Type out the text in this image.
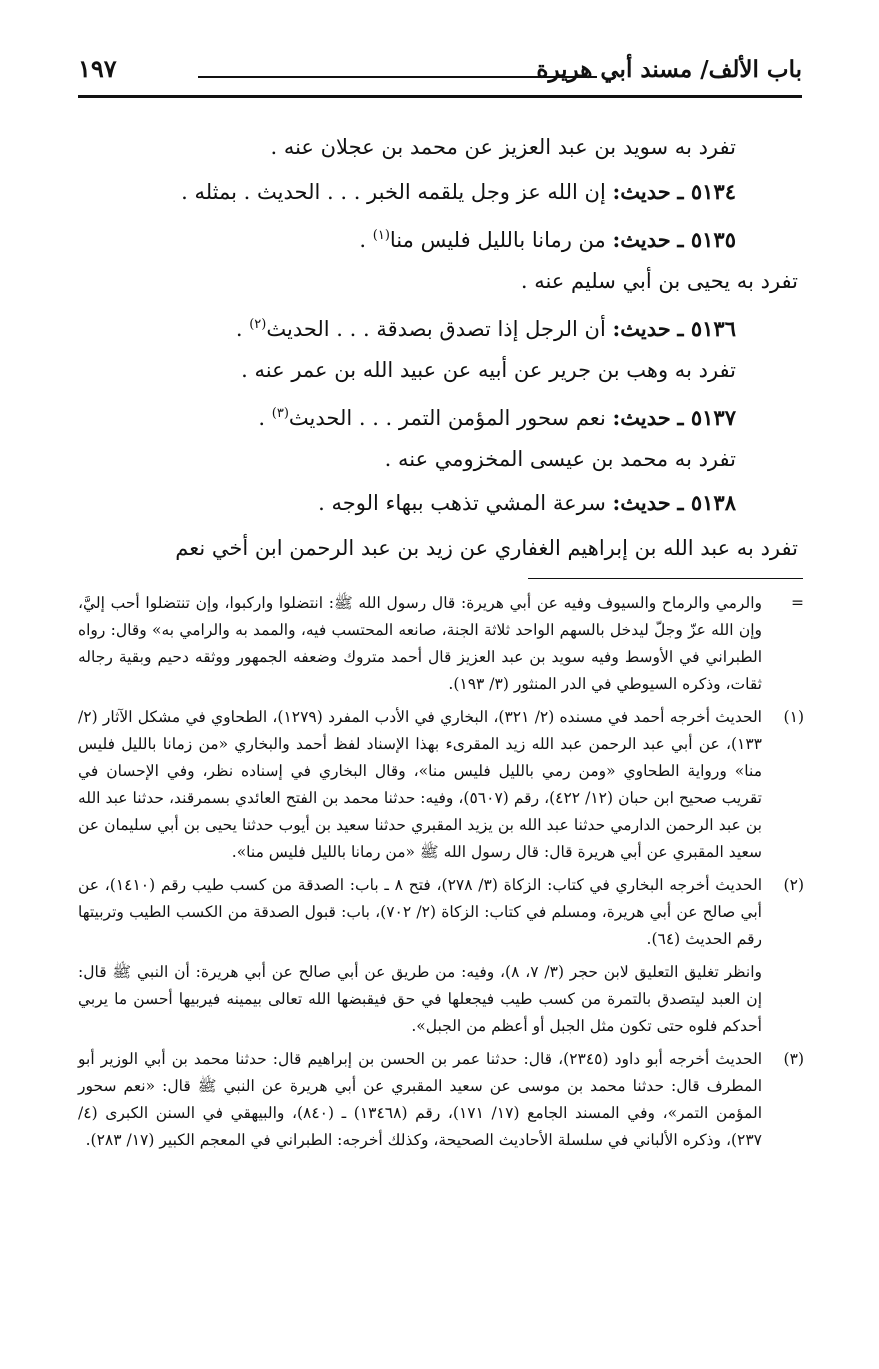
باب الألف/ مسند أبي هريرة
١٩٧
تفرد به سويد بن عبد العزيز عن محمد بن عجلان عنه .
٥١٣٤ ـ حديث: إن الله عز وجل يلقمه الخبر . . . الحديث . بمثله .
٥١٣٥ ـ حديث: من رمانا بالليل فليس منا$^{(١)}$ .
تفرد به يحيى بن أبي سليم عنه .
٥١٣٦ ـ حديث: أن الرجل إذا تصدق بصدقة . . . الحديث$^{(٢)}$ .
تفرد به وهب بن جرير عن أبيه عن عبيد الله بن عمر عنه .
٥١٣٧ ـ حديث: نعم سحور المؤمن التمر . . . الحديث$^{(٣)}$ .
تفرد به محمد بن عيسى المخزومي عنه .
٥١٣٨ ـ حديث: سرعة المشي تذهب ببهاء الوجه .
تفرد به عبد الله بن إبراهيم الغفاري عن زيد بن عبد الرحمن ابن أخي نعم
=

والرمي والرماح والسيوف وفيه عن أبي هريرة: قال رسول الله ﷺ: انتضلوا واركبوا، وإن تنتضلوا أحب إليَّ، وإن الله عزّ وجلّ ليدخل بالسهم الواحد ثلاثة الجنة، صانعه المحتسب فيه، والممد به والرامي به» وقال: رواه الطبراني في الأوسط وفيه سويد بن عبد العزيز قال أحمد متروك وضعفه الجمهور ووثقه دحيم وبقية رجاله ثقات، وذكره السيوطي في الدر المنثور (٣/ ١٩٣).

(١)

الحديث أخرجه أحمد في مسنده (٢/ ٣٢١)، البخاري في الأدب المفرد (١٢٧٩)، الطحاوي في مشكل الآثار (٢/ ١٣٣)، عن أبي عبد الرحمن عبد الله زيد المقرىء بهذا الإسناد لفظ أحمد والبخاري «من زمانا بالليل فليس منا» ورواية الطحاوي «ومن رمي بالليل فليس منا»، وقال البخاري في إسناده نظر، وفي الإحسان في تقريب صحيح ابن حبان (١٢/ ٤٢٢)، رقم (٥٦٠٧)، وفيه: حدثنا محمد بن الفتح العائدي بسمرقند، حدثنا عبد الله بن عبد الرحمن الدارمي حدثنا عبد الله بن يزيد المقبري حدثنا سعيد بن أيوب حدثنا يحيى بن أبي سليمان عن سعيد المقبري عن أبي هريرة قال: قال رسول الله ﷺ «من رمانا بالليل فليس منا».

(٢)

الحديث أخرجه البخاري في كتاب: الزكاة (٣/ ٢٧٨)، فتح ٨ ـ باب: الصدقة من كسب طيب رقم (١٤١٠)، عن أبي صالح عن أبي هريرة، ومسلم في كتاب: الزكاة (٢/ ٧٠٢)، باب: قبول الصدقة من الكسب الطيب وتربيتها رقم الحديث (٦٤).

وانظر تغليق التعليق لابن حجر (٣/ ٧، ٨)، وفيه: من طريق عن أبي صالح عن أبي هريرة: أن النبي ﷺ قال: إن العبد ليتصدق بالتمرة من كسب طيب فيجعلها في حق فيقبضها الله تعالى بيمينه فيربيها أحسن ما يربي أحدكم فلوه حتى تكون مثل الجبل أو أعظم من الجبل».

(٣)

الحديث أخرجه أبو داود (٢٣٤٥)، قال: حدثنا عمر بن الحسن بن إبراهيم قال: حدثنا محمد بن أبي الوزير أبو المطرف قال: حدثنا محمد بن موسى عن سعيد المقبري عن أبي هريرة عن النبي ﷺ قال: «نعم سحور المؤمن التمر»، وفي المسند الجامع (١٧/ ١٧١)، رقم (١٣٤٦٨) ـ (٨٤٠)، والبيهقي في السنن الكبرى (٤/ ٢٣٧)، وذكره الألباني في سلسلة الأحاديث الصحيحة، وكذلك أخرجه: الطبراني في المعجم الكبير (١٧/ ٢٨٣).
